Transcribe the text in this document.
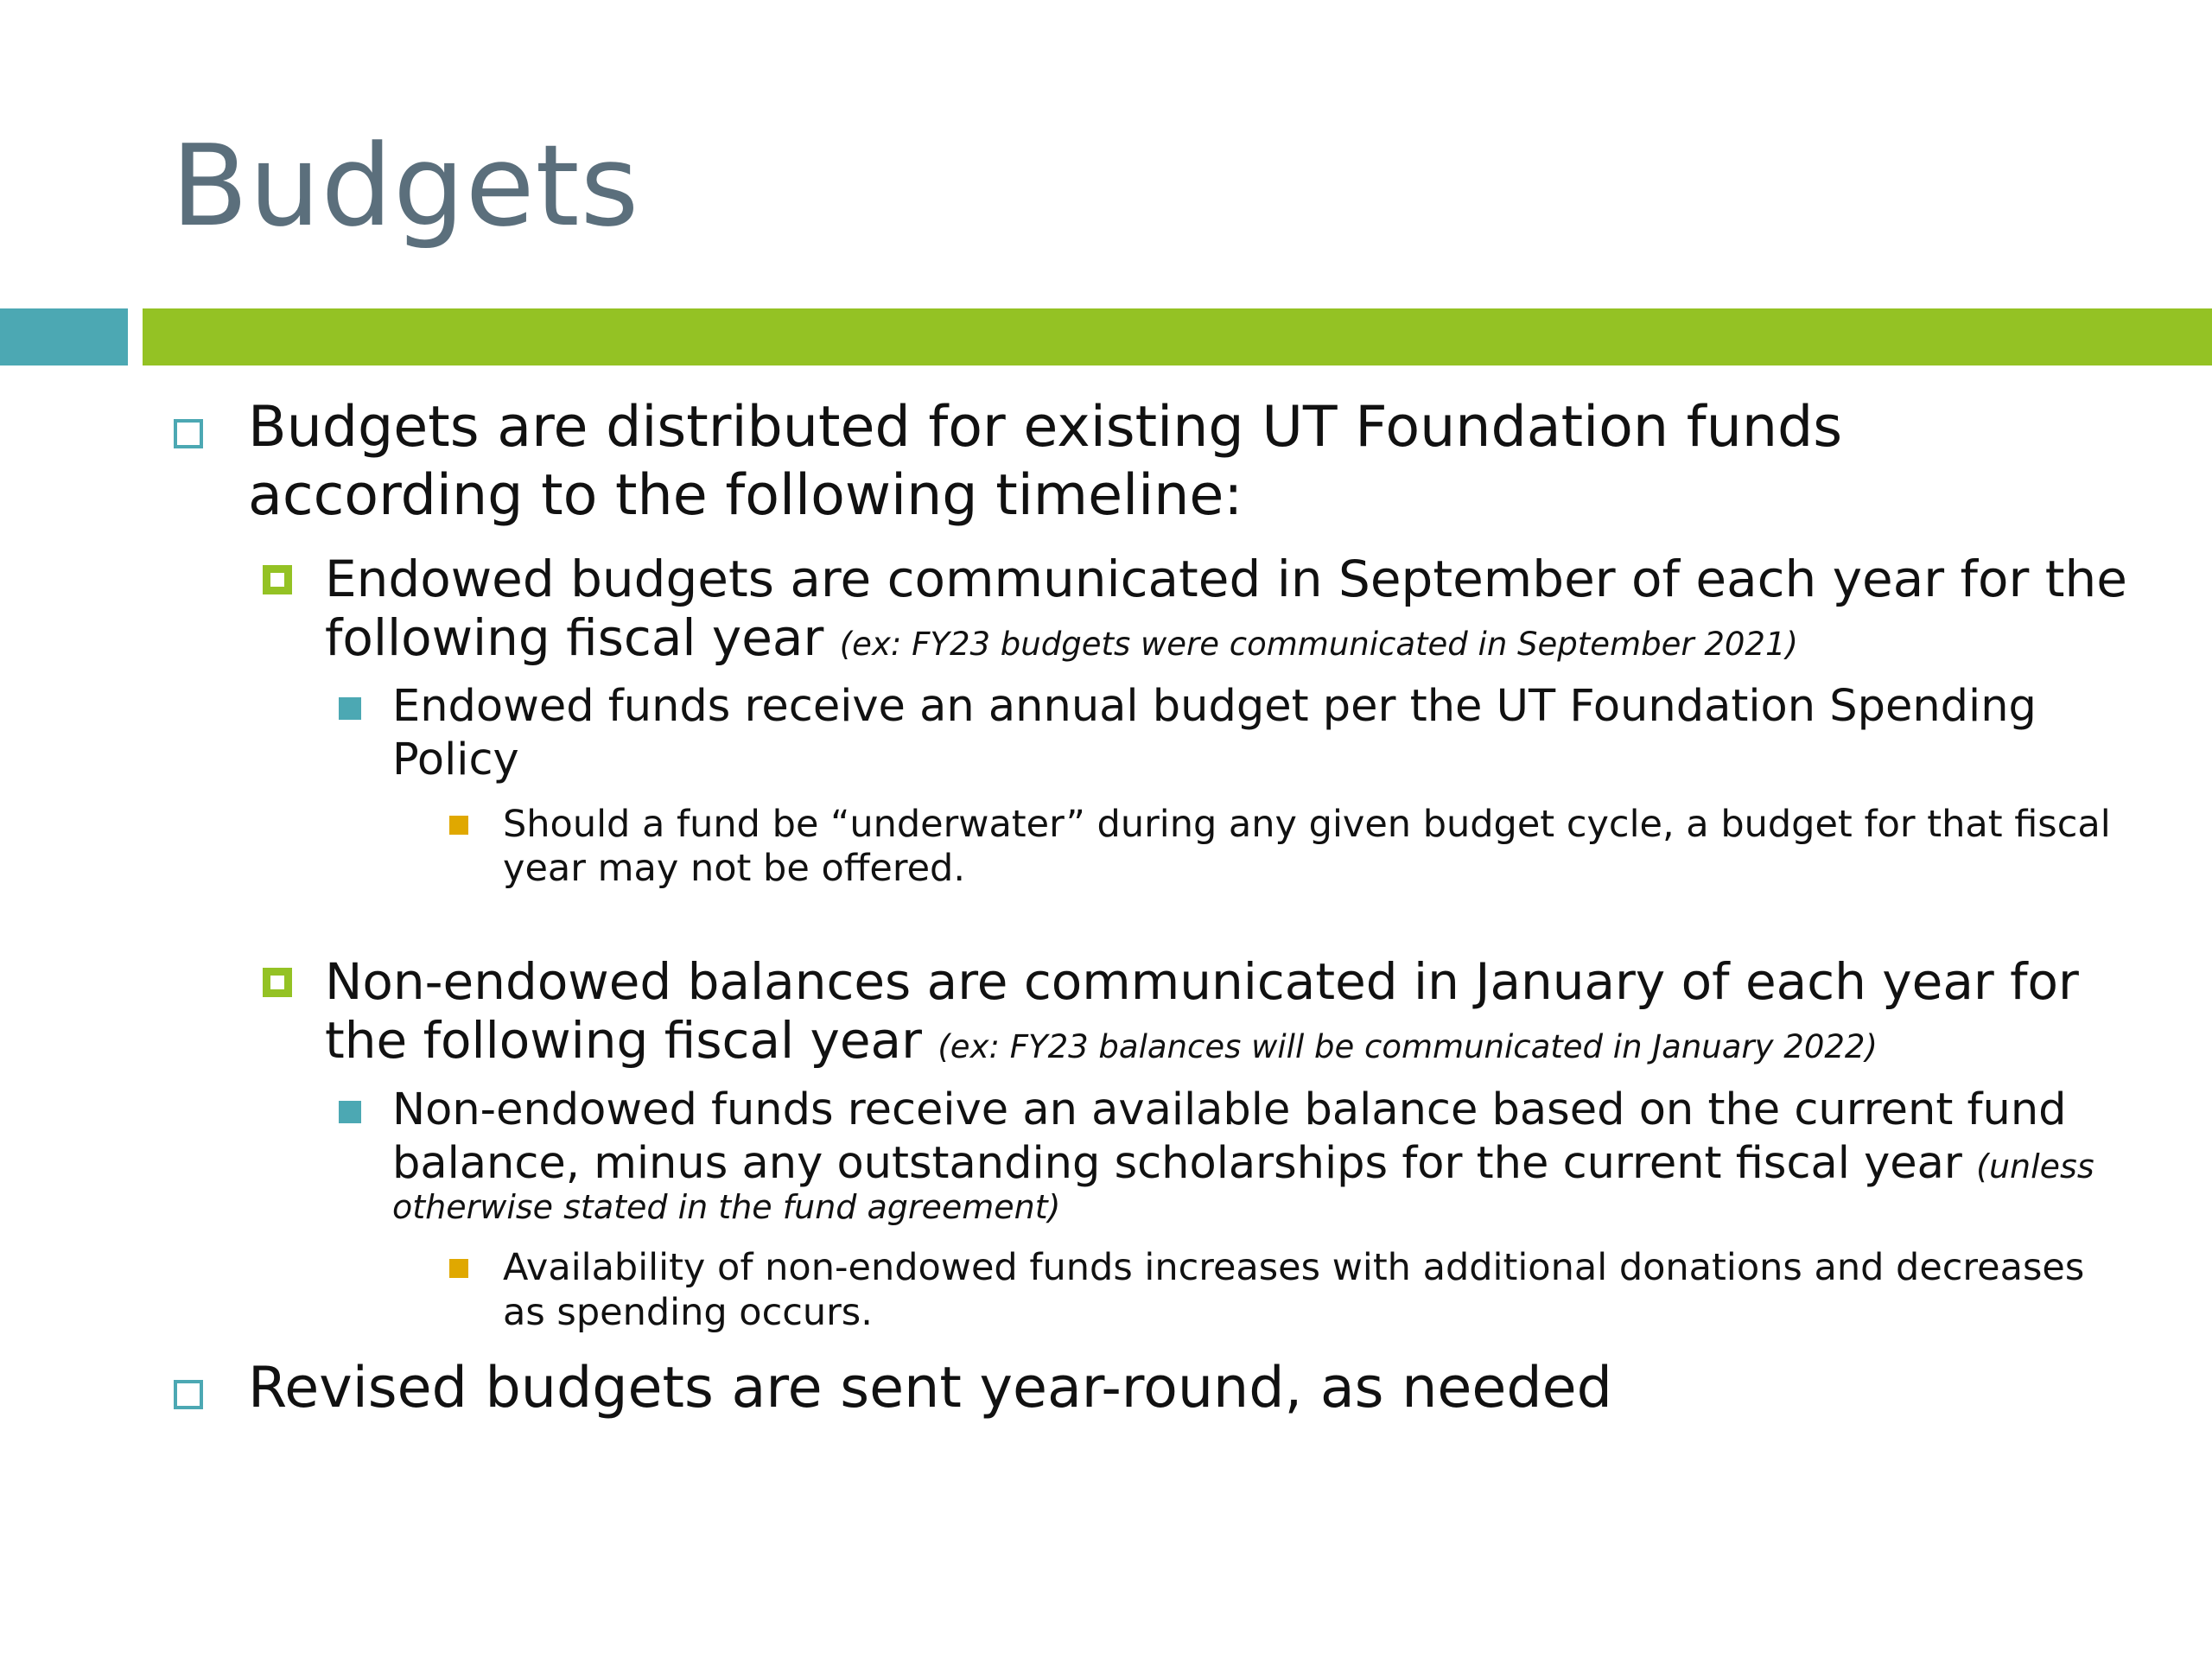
Budgets
Budgets are distributed for existing UT Foundation funds
according to the following timeline:
Endowed budgets are communicated in September of each year for the
following fiscal year (ex: FY23 budgets were communicated in September 2021)
Endowed funds receive an annual budget per the UT Foundation Spending
Policy
Should a fund be “underwater” during any given budget cycle, a budget for that fiscal
year may not be offered.
Non-endowed balances are communicated in January of each year for
the following fiscal year (ex: FY23 balances will be communicated in January 2022)
Non-endowed funds receive an available balance based on the current fund
balance, minus any outstanding scholarships for the current fiscal year (unless
otherwise stated in the fund agreement)
Availability of non-endowed funds increases with additional donations and decreases
as spending occurs.
Revised budgets are sent year-round, as needed
